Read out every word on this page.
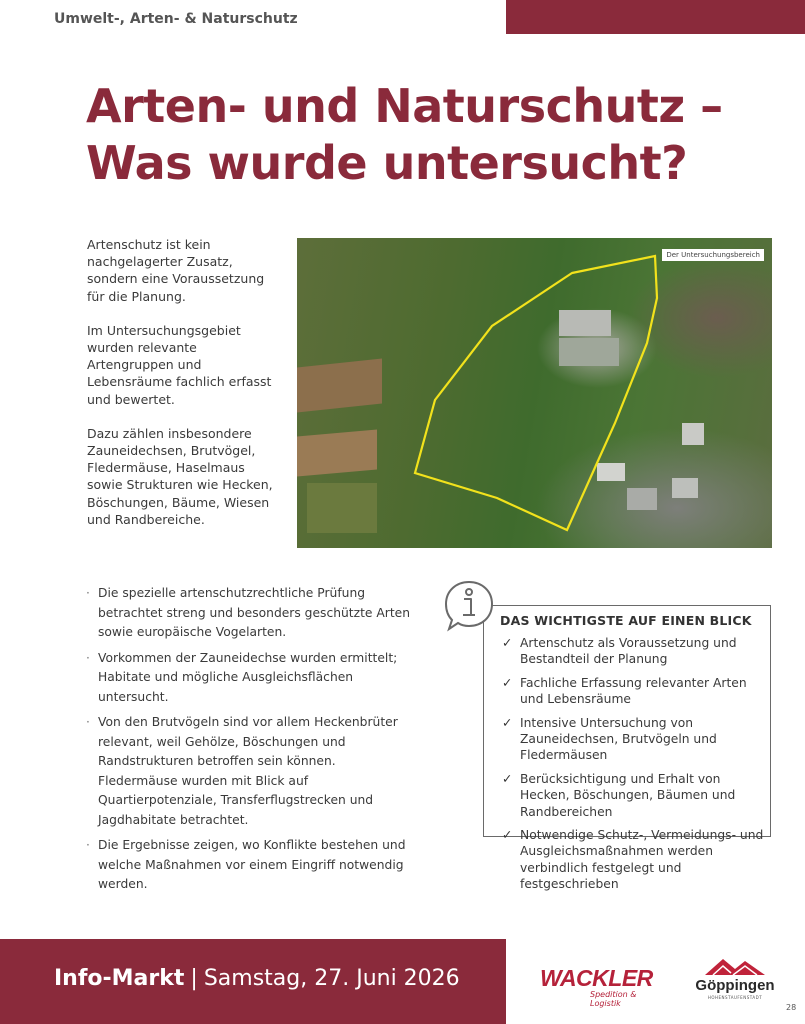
Umwelt-, Arten- & Naturschutz
Arten- und Naturschutz –
Was wurde untersucht?

Artenschutz ist kein nachgelagerter Zusatz, sondern eine Voraussetzung für die Planung.

Im Untersuchungsgebiet wurden relevante Artengruppen und Lebensräume fachlich erfasst und bewertet.

Dazu zählen insbesondere Zauneidechsen, Brutvögel, Fledermäuse, Haselmaus sowie Strukturen wie Hecken, Böschungen, Bäume, Wiesen und Randbereiche.

Der Untersuchungsbereich
· Die spezielle artenschutzrechtliche Prüfung betrachtet streng und besonders geschützte Arten sowie europäische Vogelarten.
· Vorkommen der Zauneidechse wurden ermittelt; Habitate und mögliche Ausgleichsflächen untersucht.
· Von den Brutvögeln sind vor allem Heckenbrüter relevant, weil Gehölze, Böschungen und Randstrukturen betroffen sein können. Fledermäuse wurden mit Blick auf Quartierpotenziale, Transferflugstrecken und Jagdhabitate betrachtet.
· Die Ergebnisse zeigen, wo Konflikte bestehen und welche Maßnahmen vor einem Eingriff notwendig werden.
DAS WICHTIGSTE AUF EINEN BLICK
✓ Artenschutz als Voraussetzung und Bestandteil der Planung
✓ Fachliche Erfassung relevanter Arten und Lebensräume
✓ Intensive Untersuchung von Zauneidechsen, Brutvögeln und Fledermäusen
✓ Berücksichtigung und Erhalt von Hecken, Böschungen, Bäumen und Randbereichen
✓ Notwendige Schutz-, Vermeidungs- und Ausgleichsmaßnahmen werden verbindlich festgelegt und festgeschrieben
Info-Markt | Samstag, 27. Juni 2026	WACKLER
Spedition & Logistik
Göppingen
HOHENSTAUFENSTADT
28
